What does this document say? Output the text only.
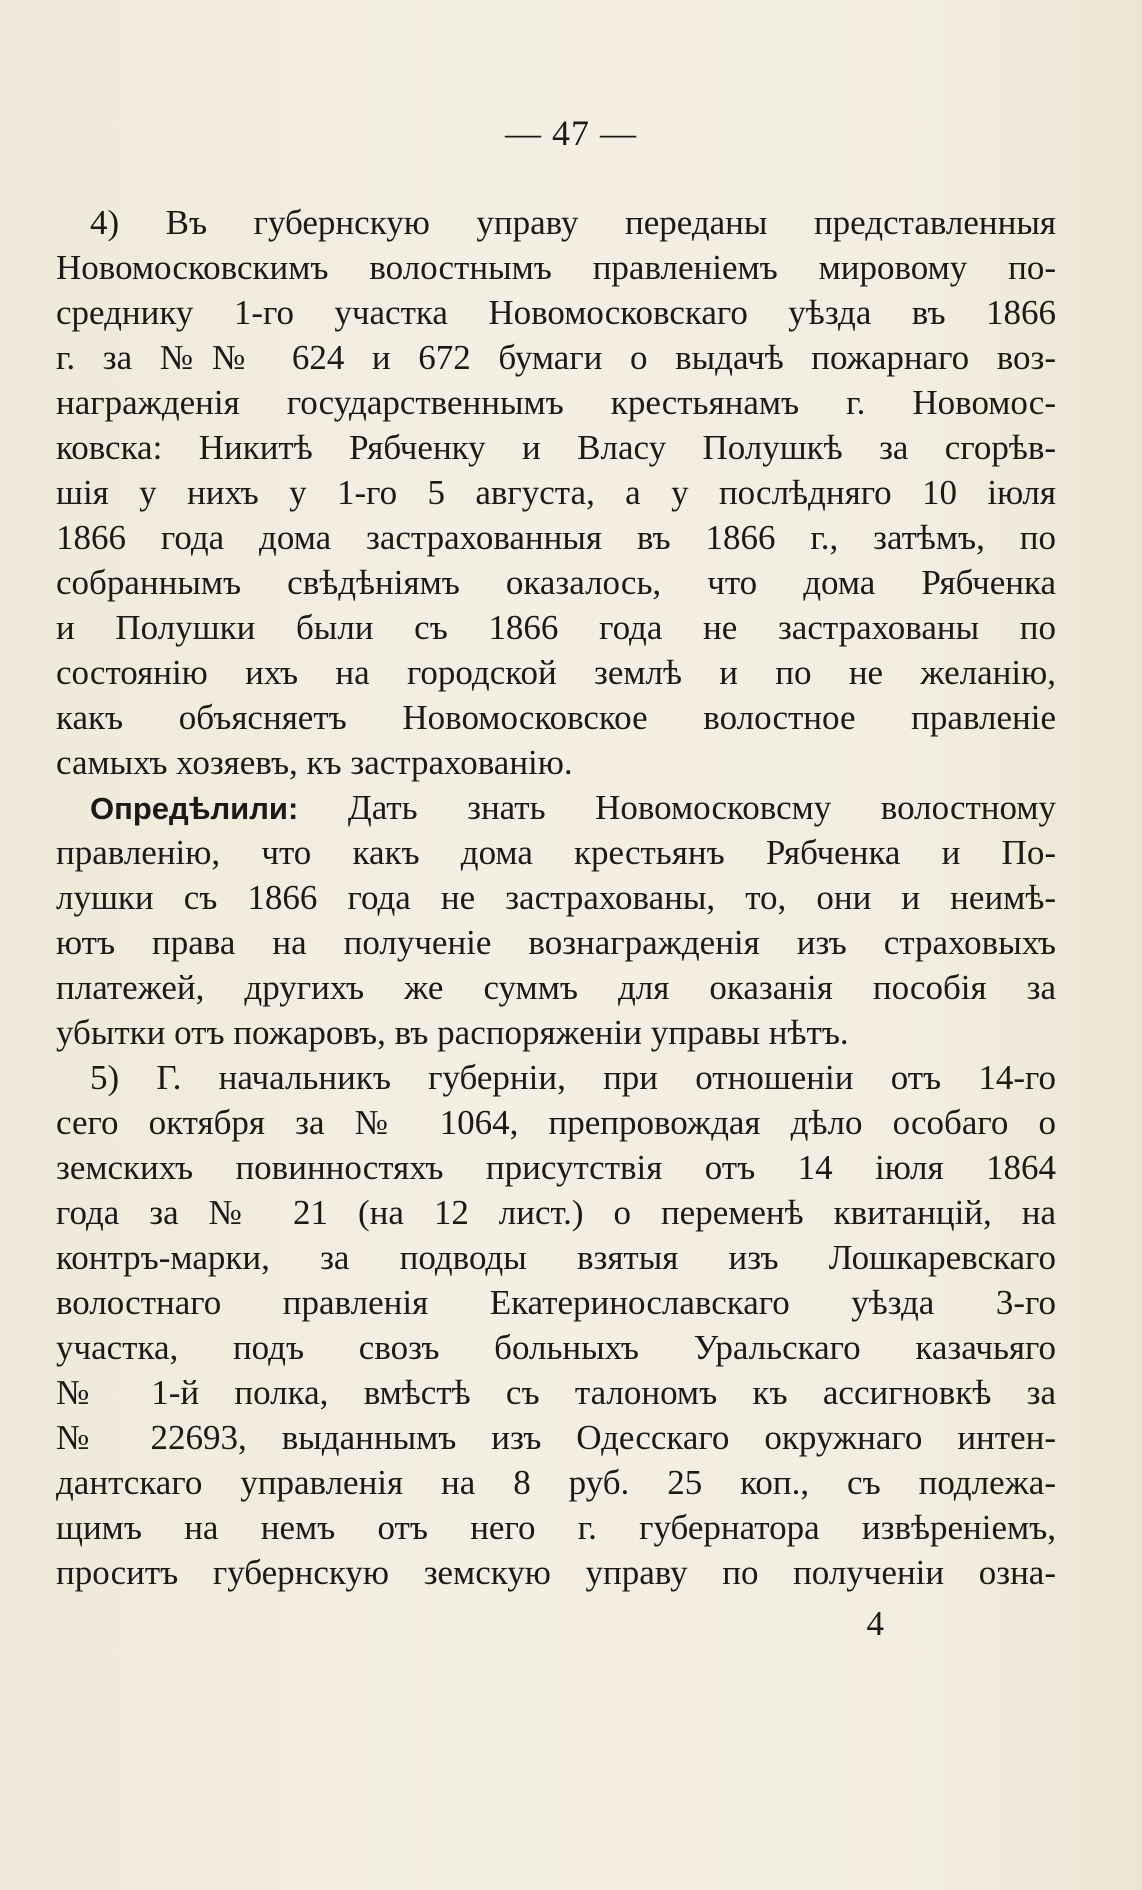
— 47 —
4) Въ губернскую управу переданы представленныя
Новомосковскимъ волостнымъ правленіемъ мировому по-
среднику 1-го участка Новомосковскаго уѣзда въ 1866
г. за №№ 624 и 672 бумаги о выдачѣ пожарнаго воз-
награжденія государственнымъ крестьянамъ г. Новомос-
ковска: Никитѣ Рябченку и Власу Полушкѣ за сгорѣв-
шія у нихъ у 1-го 5 августа, а у послѣдняго 10 іюля
1866 года дома застрахованныя въ 1866 г., затѣмъ, по
собраннымъ свѣдѣніямъ оказалось, что дома Рябченка
и Полушки были съ 1866 года не застрахованы по
состоянію ихъ на городской землѣ и по не желанію,
какъ объясняетъ Новомосковское волостное правленіе
самыхъ хозяевъ, къ застрахованію.
Опредѣлили: Дать знать Новомосковсму волостному
правленію, что какъ дома крестьянъ Рябченка и По-
лушки съ 1866 года не застрахованы, то, они и неимѣ-
ютъ права на полученіе вознагражденія изъ страховыхъ
платежей, другихъ же суммъ для оказанія пособія за
убытки отъ пожаровъ, въ распоряженіи управы нѣтъ.
5) Г. начальникъ губерніи, при отношеніи отъ 14-го
сего октября за № 1064, препровождая дѣло особаго о
земскихъ повинностяхъ присутствія отъ 14 іюля 1864
года за № 21 (на 12 лист.) о переменѣ квитанцій, на
контръ-марки, за подводы взятыя изъ Лошкаревскаго
волостнаго правленія Екатеринославскаго уѣзда 3-го
участка, подъ свозъ больныхъ Уральскаго казачьяго
№ 1-й полка, вмѣстѣ съ талономъ къ ассигновкѣ за
№ 22693, выданнымъ изъ Одесскаго окружнаго интен-
дантскаго управленія на 8 руб. 25 коп., съ подлежа-
щимъ на немъ отъ него г. губернатора извѣреніемъ,
проситъ губернскую земскую управу по полученіи озна-
4
